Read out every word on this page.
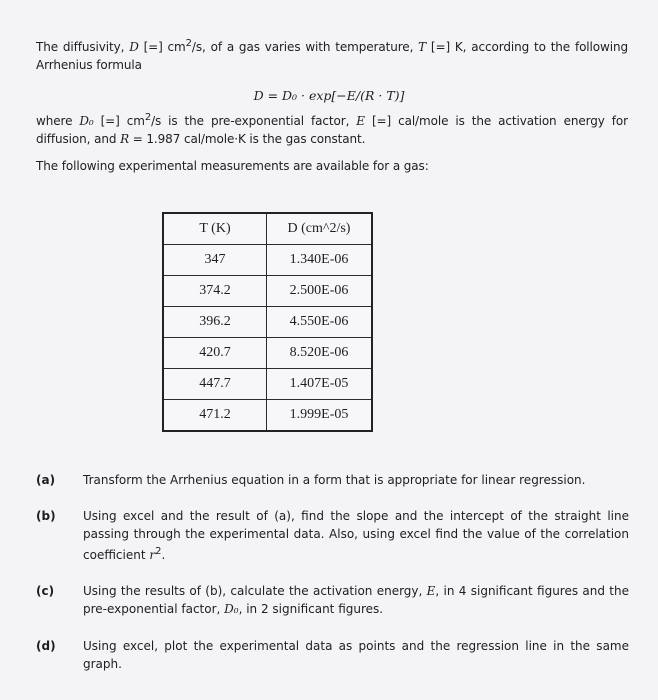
The diffusivity, D [=] $cm^2/s$, of a gas varies with temperature, T [=] K, according to the following Arrhenius formula
D = D₀ · exp[−E/(R · T)]
where D₀ [=] $cm^2/s$ is the pre-exponential factor, E [=] cal/mole is the activation energy for diffusion, and R = 1.987 cal/mole·K is the gas constant.
The following experimental measurements are available for a gas:
T (K)	D (cm^2/s)
347	1.340E-06
374.2	2.500E-06
396.2	4.550E-06
420.7	8.520E-06
447.7	1.407E-05
471.2	1.999E-05
(a) Transform the Arrhenius equation in a form that is appropriate for linear regression.
(b) Using excel and the result of (a), find the slope and the intercept of the straight line passing through the experimental data. Also, using excel find the value of the correlation coefficient $r^2$.
(c) Using the results of (b), calculate the activation energy, E, in 4 significant figures and the pre-exponential factor, D₀, in 2 significant figures.
(d) Using excel, plot the experimental data as points and the regression line in the same graph.
